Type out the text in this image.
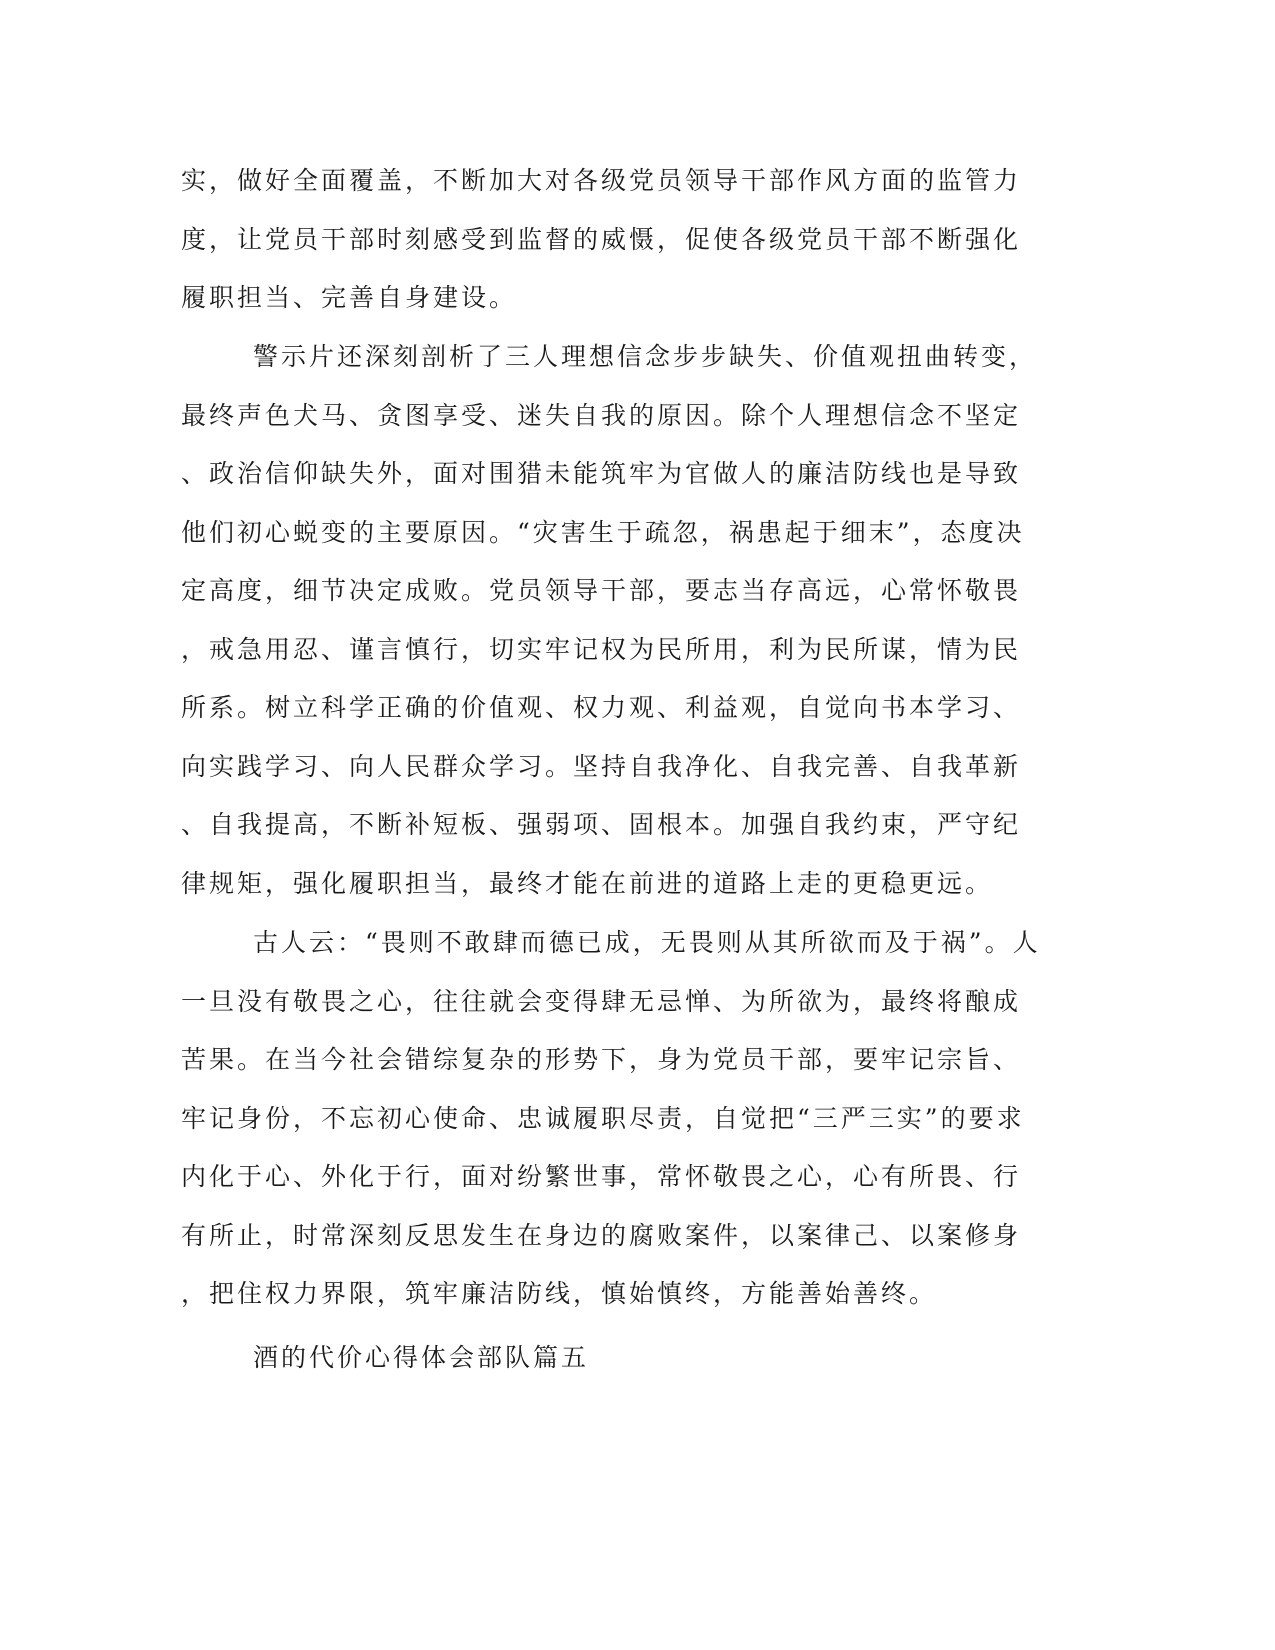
实，做好全面覆盖，不断加大对各级党员领导干部作风方面的监管力
度，让党员干部时刻感受到监督的威慑，促使各级党员干部不断强化
履职担当、完善自身建设。
警示片还深刻剖析了三人理想信念步步缺失、价值观扭曲转变，
最终声色犬马、贪图享受、迷失自我的原因。除个人理想信念不坚定
、政治信仰缺失外，面对围猎未能筑牢为官做人的廉洁防线也是导致
他们初心蜕变的主要原因。“灾害生于疏忽，祸患起于细末”，态度决
定高度，细节决定成败。党员领导干部，要志当存高远，心常怀敬畏
，戒急用忍、谨言慎行，切实牢记权为民所用，利为民所谋，情为民
所系。树立科学正确的价值观、权力观、利益观，自觉向书本学习、
向实践学习、向人民群众学习。坚持自我净化、自我完善、自我革新
、自我提高，不断补短板、强弱项、固根本。加强自我约束，严守纪
律规矩，强化履职担当，最终才能在前进的道路上走的更稳更远。
古人云：“畏则不敢肆而德已成，无畏则从其所欲而及于祸”。人
一旦没有敬畏之心，往往就会变得肆无忌惮、为所欲为，最终将酿成
苦果。在当今社会错综复杂的形势下，身为党员干部，要牢记宗旨、
牢记身份，不忘初心使命、忠诚履职尽责，自觉把“三严三实”的要求
内化于心、外化于行，面对纷繁世事，常怀敬畏之心，心有所畏、行
有所止，时常深刻反思发生在身边的腐败案件，以案律己、以案修身
，把住权力界限，筑牢廉洁防线，慎始慎终，方能善始善终。
酒的代价心得体会部队篇五
